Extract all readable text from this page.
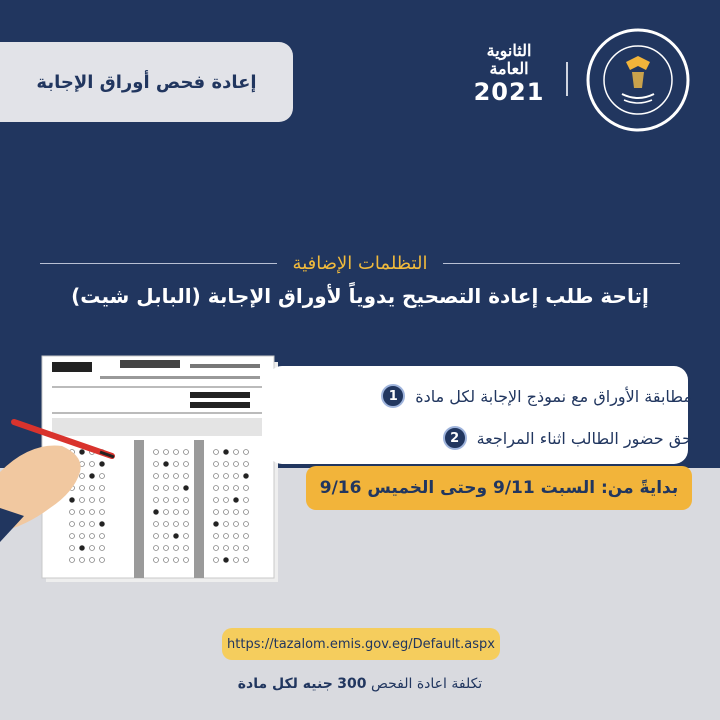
إعادة فحص أوراق الإجابة
الثانوية
العامة
2021
التظلمات الإضافية
إتاحة طلب إعادة التصحيح يدوياً لأوراق الإجابة (البابل شيت)
1	مطابقة الأوراق مع نموذج الإجابة لكل مادة
2	حق حضور الطالب اثناء المراجعة
بدايةً من: السبت 9/11 وحتى الخميس 9/16
https://tazalom.emis.gov.eg/Default.aspx
تكلفة اعادة الفحص 300 جنيه لكل مادة
